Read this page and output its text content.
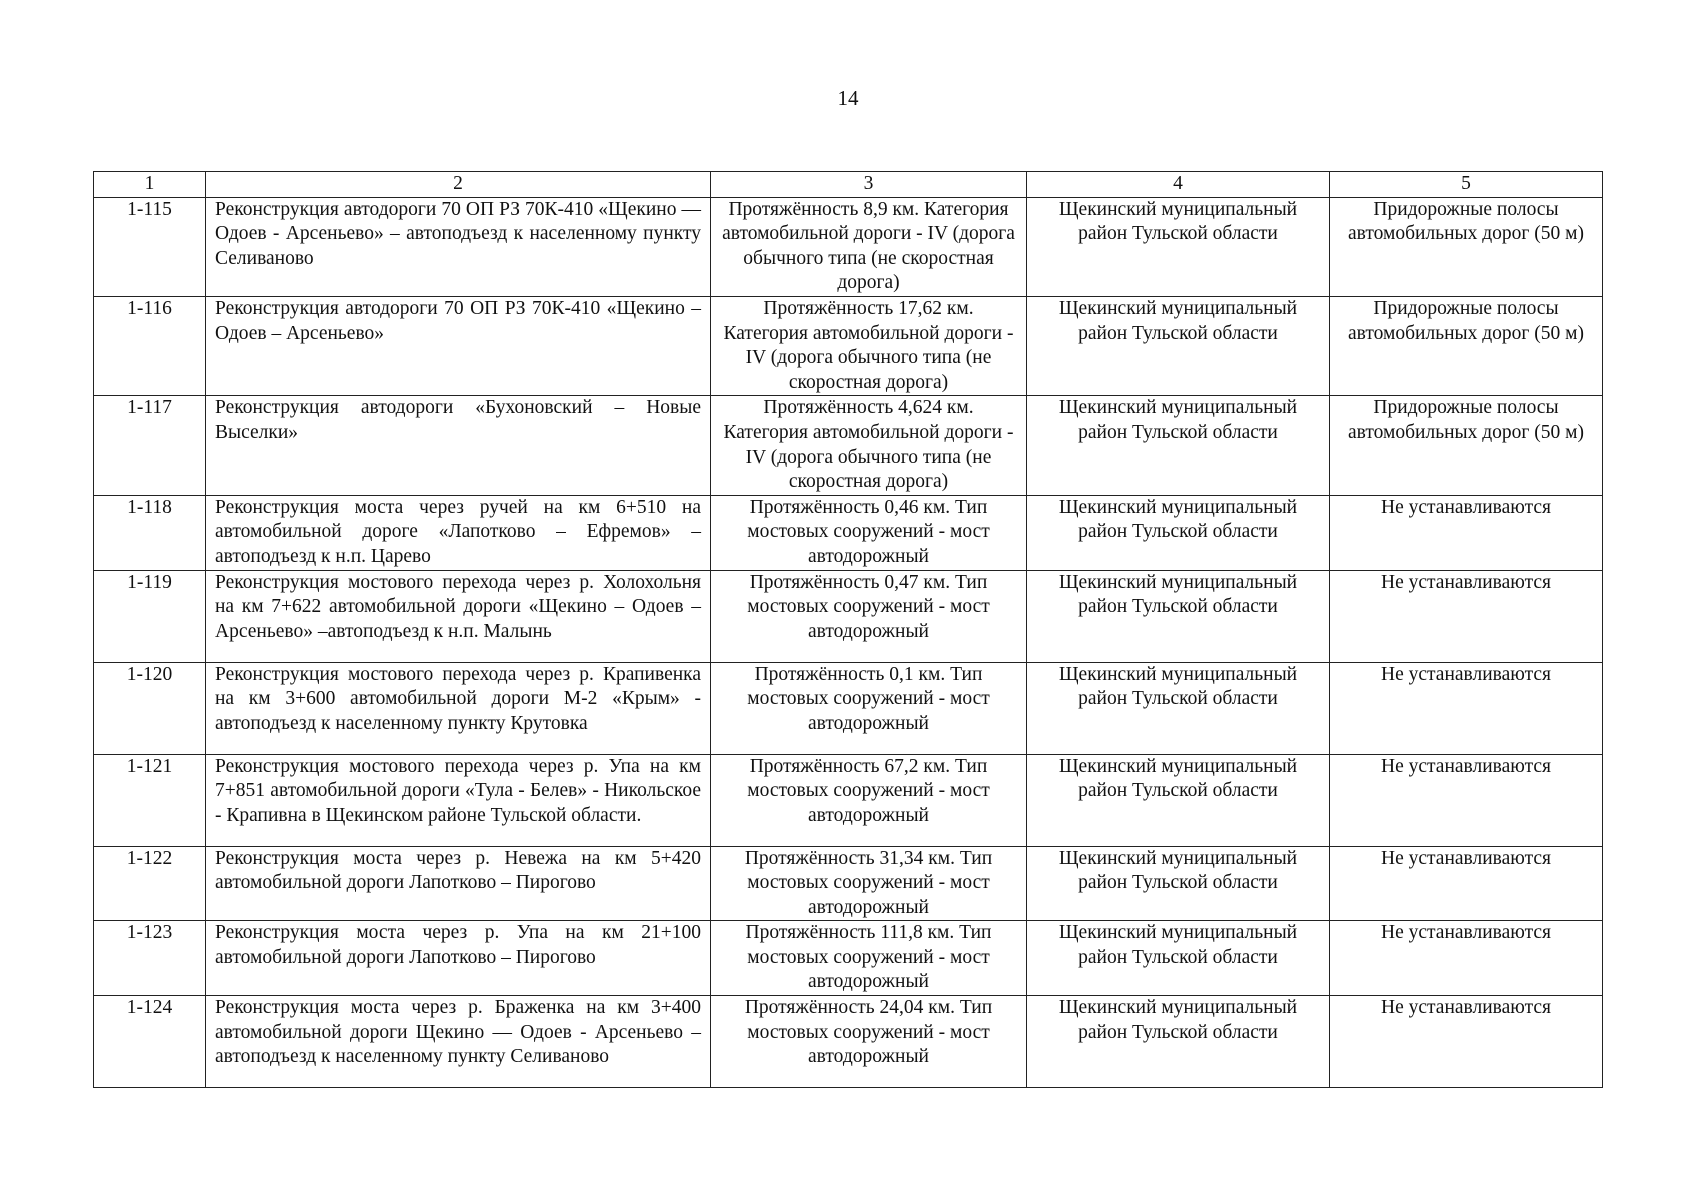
14
1	2	3	4	5
1-115	Реконструкция автодороги 70 ОП РЗ 70К-410 «Щекино — Одоев - Арсеньево» – автоподъезд к населенному пункту Селиваново	Протяжённость 8,9 км. Категория автомобильной дороги - IV (дорога обычного типа (не скоростная дорога)	Щекинский муниципальный район Тульской области	Придорожные полосы автомобильных дорог (50 м)
1-116	Реконструкция автодороги 70 ОП РЗ 70К-410 «Щекино – Одоев – Арсеньево»	Протяжённость 17,62 км. Категория автомобильной дороги - IV (дорога обычного типа (не скоростная дорога)	Щекинский муниципальный район Тульской области	Придорожные полосы автомобильных дорог (50 м)
1-117	Реконструкция автодороги «Бухоновский – Новые Выселки»	Протяжённость 4,624 км. Категория автомобильной дороги - IV (дорога обычного типа (не скоростная дорога)	Щекинский муниципальный район Тульской области	Придорожные полосы автомобильных дорог (50 м)
1-118	Реконструкция моста через ручей на км 6+510 на автомобильной дороге «Лапотково – Ефремов» – автоподъезд к н.п. Царево	Протяжённость 0,46 км. Тип мостовых сооружений - мост автодорожный	Щекинский муниципальный район Тульской области	Не устанавливаются
1-119	Реконструкция мостового перехода через р. Холохольня на км 7+622 автомобильной дороги «Щекино – Одоев – Арсеньево» –автоподъезд к н.п. Малынь	Протяжённость 0,47 км. Тип мостовых сооружений - мост автодорожный	Щекинский муниципальный район Тульской области	Не устанавливаются
1-120	Реконструкция мостового перехода через р. Крапивенка на км 3+600 автомобильной дороги М-2 «Крым» - автоподъезд к населенному пункту Крутовка	Протяжённость 0,1 км. Тип мостовых сооружений - мост автодорожный	Щекинский муниципальный район Тульской области	Не устанавливаются
1-121	Реконструкция мостового перехода через р. Упа на км 7+851 автомобильной дороги «Тула - Белев» - Никольское - Крапивна в Щекинском районе Тульской области.	Протяжённость 67,2 км. Тип мостовых сооружений - мост автодорожный	Щекинский муниципальный район Тульской области	Не устанавливаются
1-122	Реконструкция моста через р. Невежа на км 5+420 автомобильной дороги Лапотково – Пирогово	Протяжённость 31,34 км. Тип мостовых сооружений - мост автодорожный	Щекинский муниципальный район Тульской области	Не устанавливаются
1-123	Реконструкция моста через р. Упа на км 21+100 автомобильной дороги Лапотково – Пирогово	Протяжённость 111,8 км. Тип мостовых сооружений - мост автодорожный	Щекинский муниципальный район Тульской области	Не устанавливаются
1-124	Реконструкция моста через р. Браженка на км 3+400 автомобильной дороги Щекино — Одоев - Арсеньево – автоподъезд к населенному пункту Селиваново	Протяжённость 24,04 км. Тип мостовых сооружений - мост автодорожный	Щекинский муниципальный район Тульской области	Не устанавливаются
